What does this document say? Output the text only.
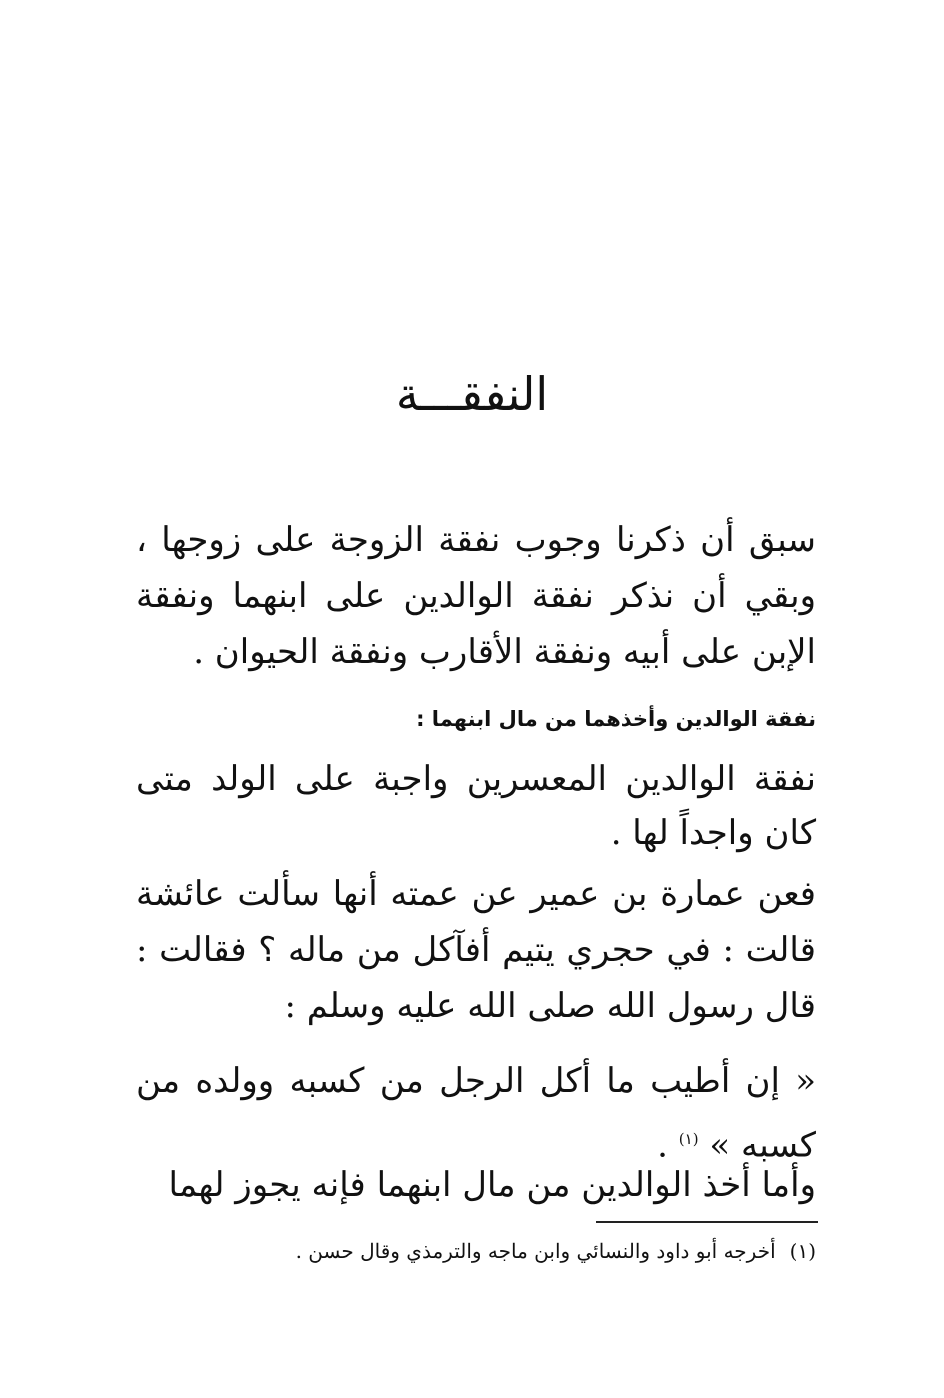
النفقـــة

سبق أن ذكرنا وجوب نفقة الزوجة على زوجها ، وبقي أن نذكر نفقة الوالدين على ابنهما ونفقة الإبن على أبيه ونفقة الأقارب ونفقة الحيوان .

نفقة الوالدين وأخذهما من مال ابنهما :

نفقة الوالدين المعسرين واجبة على الولد متى كان واجداً لها .

فعن عمارة بن عمير عن عمته أنها سألت عائشة قالت : في حجري يتيم أفآكل من ماله ؟ فقالت : قال رسول الله صلى الله عليه وسلم :

« إن أطيب ما أكل الرجل من كسبه وولده من كسبه » $^{(١)}$ .

وأما أخذ الوالدين من مال ابنهما فإنه يجوز لهما

(١)أخرجه أبو داود والنسائي وابن ماجه والترمذي وقال حسن .
